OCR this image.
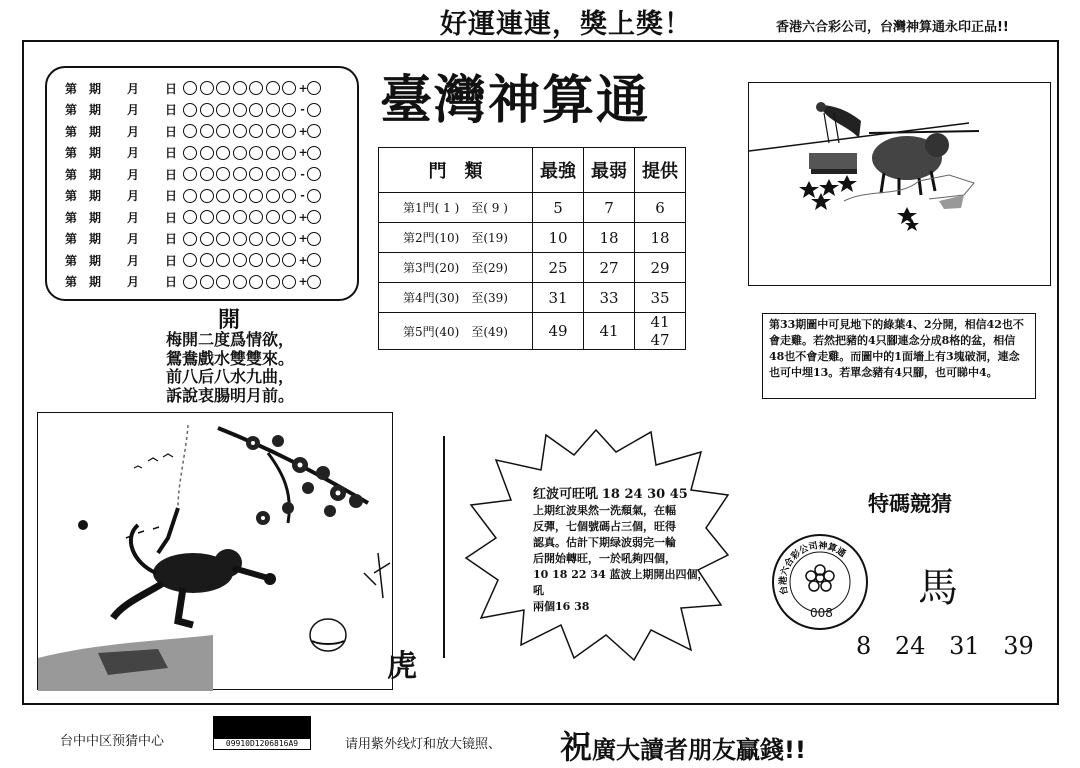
好運連連，獎上獎！	香港六合彩公司，台灣神算通永印正品!!
第 期	月	日	+
第 期	月	日	-
第 期	月	日	+
第 期	月	日	+
第 期	月	日	-
第 期	月	日	-
第 期	月	日	+
第 期	月	日	+
第 期	月	日	+
第 期	月	日	+
臺灣神算通
門　類	最強	最弱	提供
第1門( 1 )　至( 9 )	5	7	6
第2門(10)　至(19)	10	18	18
第3門(20)　至(29)	25	27	29
第4門(30)　至(39)	31	33	35
第5門(40)　至(49)	49	41	41 47
開
梅開二度爲情欲，
鴛鴦戲水雙雙來。
前八后八水九曲，
訴說衷腸明月前。
第33期圖中可見地下的綠葉4、2分開，相信42也不會走雞。若然把豬的4只腳連念分成8格的盆，相信48也不會走雞。而圖中的1面墻上有3塊破洞，連念也可中埋13。若單念豬有4只腳，也可睇中4。
虎
红波可旺吼 18 24 30 45
上期红波果然一洗頹氣，在幅
反彈，七個號碼占三個，旺得
認真。估計下期绿波弱完一輪
后開始轉旺，一於吼夠四個，
10 18 22 34 蓝波上期開出四個，吼
兩個16 38
特碼競猜
台港六合彩公司神算通
008
馬
8 24 31 39
台中中区预猜中心	09910D1206816A9	请用紫外线灯和放大镜照、 祝廣大讀者朋友贏錢!!
